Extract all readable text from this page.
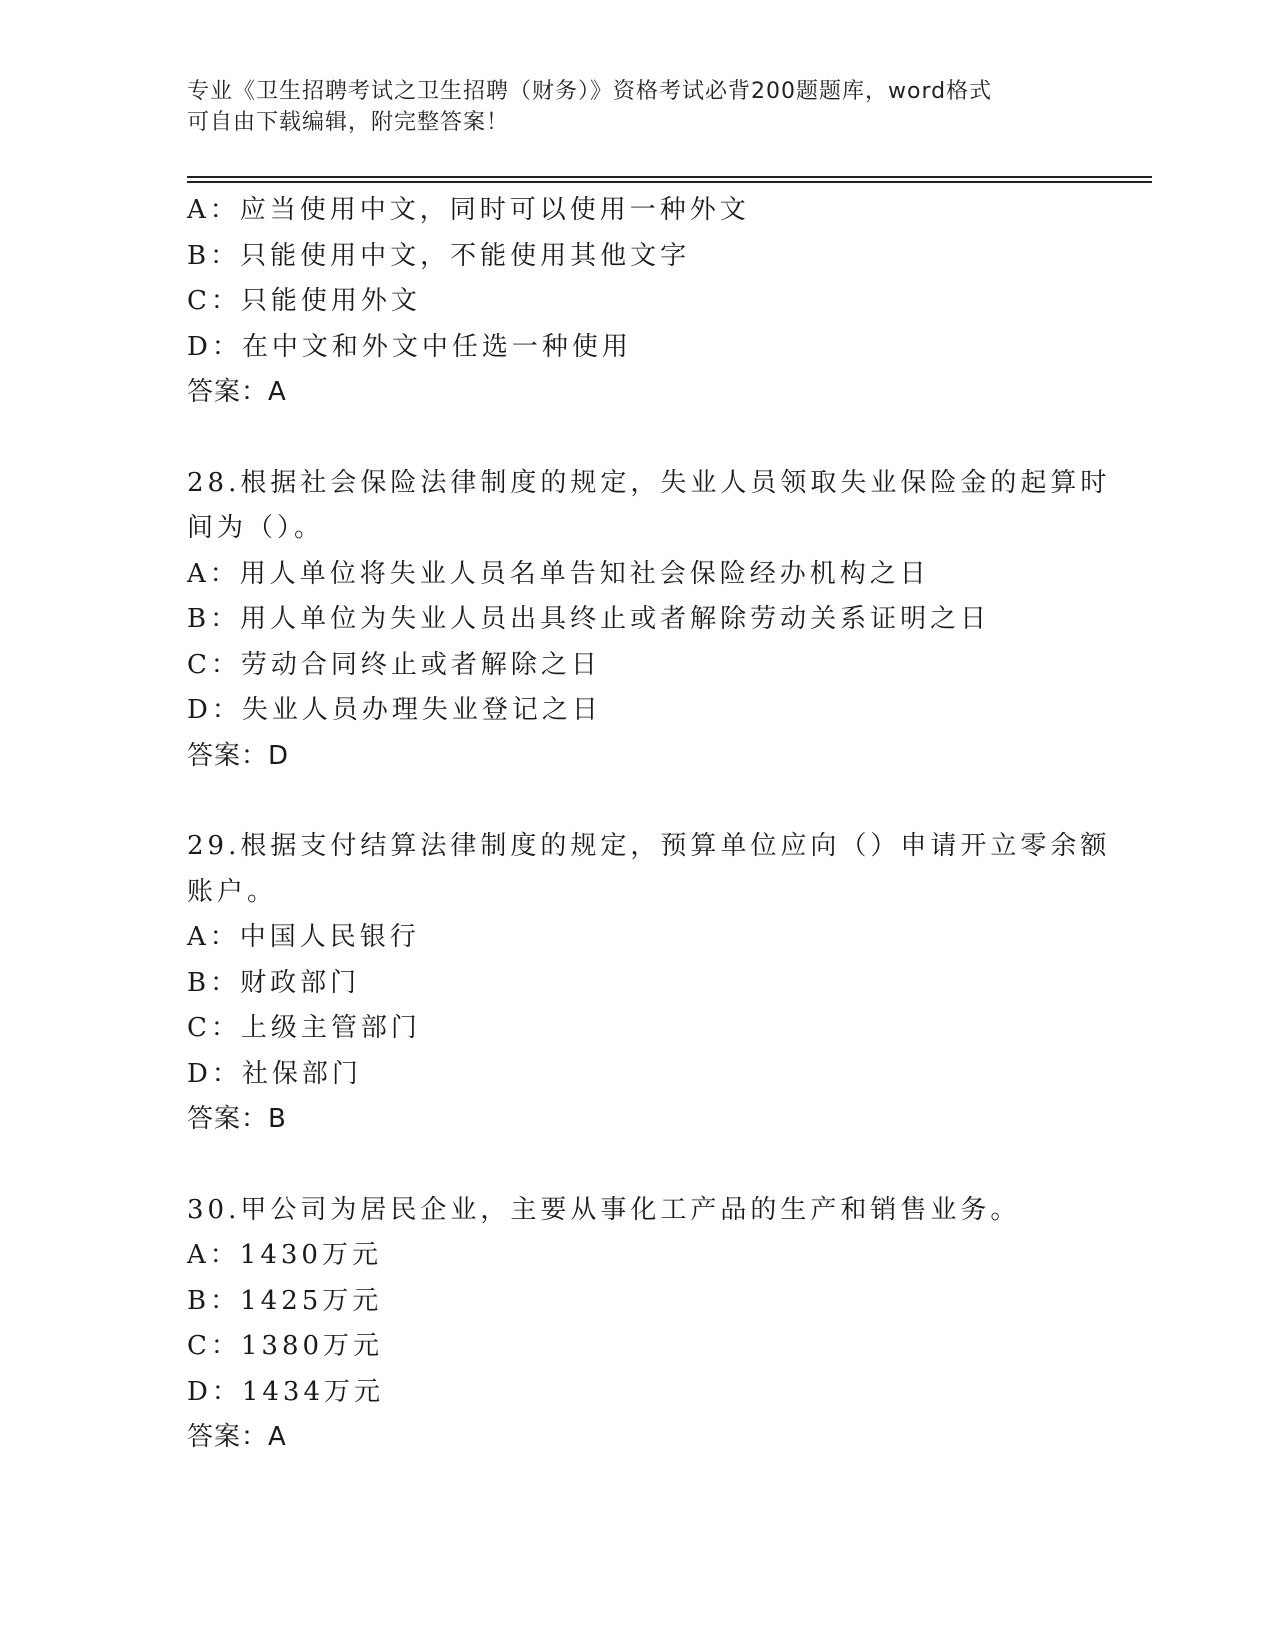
专业《卫生招聘考试之卫生招聘（财务）》资格考试必背200题题库，word格式
可自由下载编辑，附完整答案！
A：应当使用中文，同时可以使用一种外文
B：只能使用中文，不能使用其他文字
C：只能使用外文
D：在中文和外文中任选一种使用
答案：A
28.根据社会保险法律制度的规定，失业人员领取失业保险金的起算时
间为（）。
A：用人单位将失业人员名单告知社会保险经办机构之日
B：用人单位为失业人员出具终止或者解除劳动关系证明之日
C：劳动合同终止或者解除之日
D：失业人员办理失业登记之日
答案：D
29.根据支付结算法律制度的规定，预算单位应向（）申请开立零余额
账户。
A：中国人民银行
B：财政部门
C：上级主管部门
D：社保部门
答案：B
30.甲公司为居民企业，主要从事化工产品的生产和销售业务。
A：1430万元
B：1425万元
C：1380万元
D：1434万元
答案：A
